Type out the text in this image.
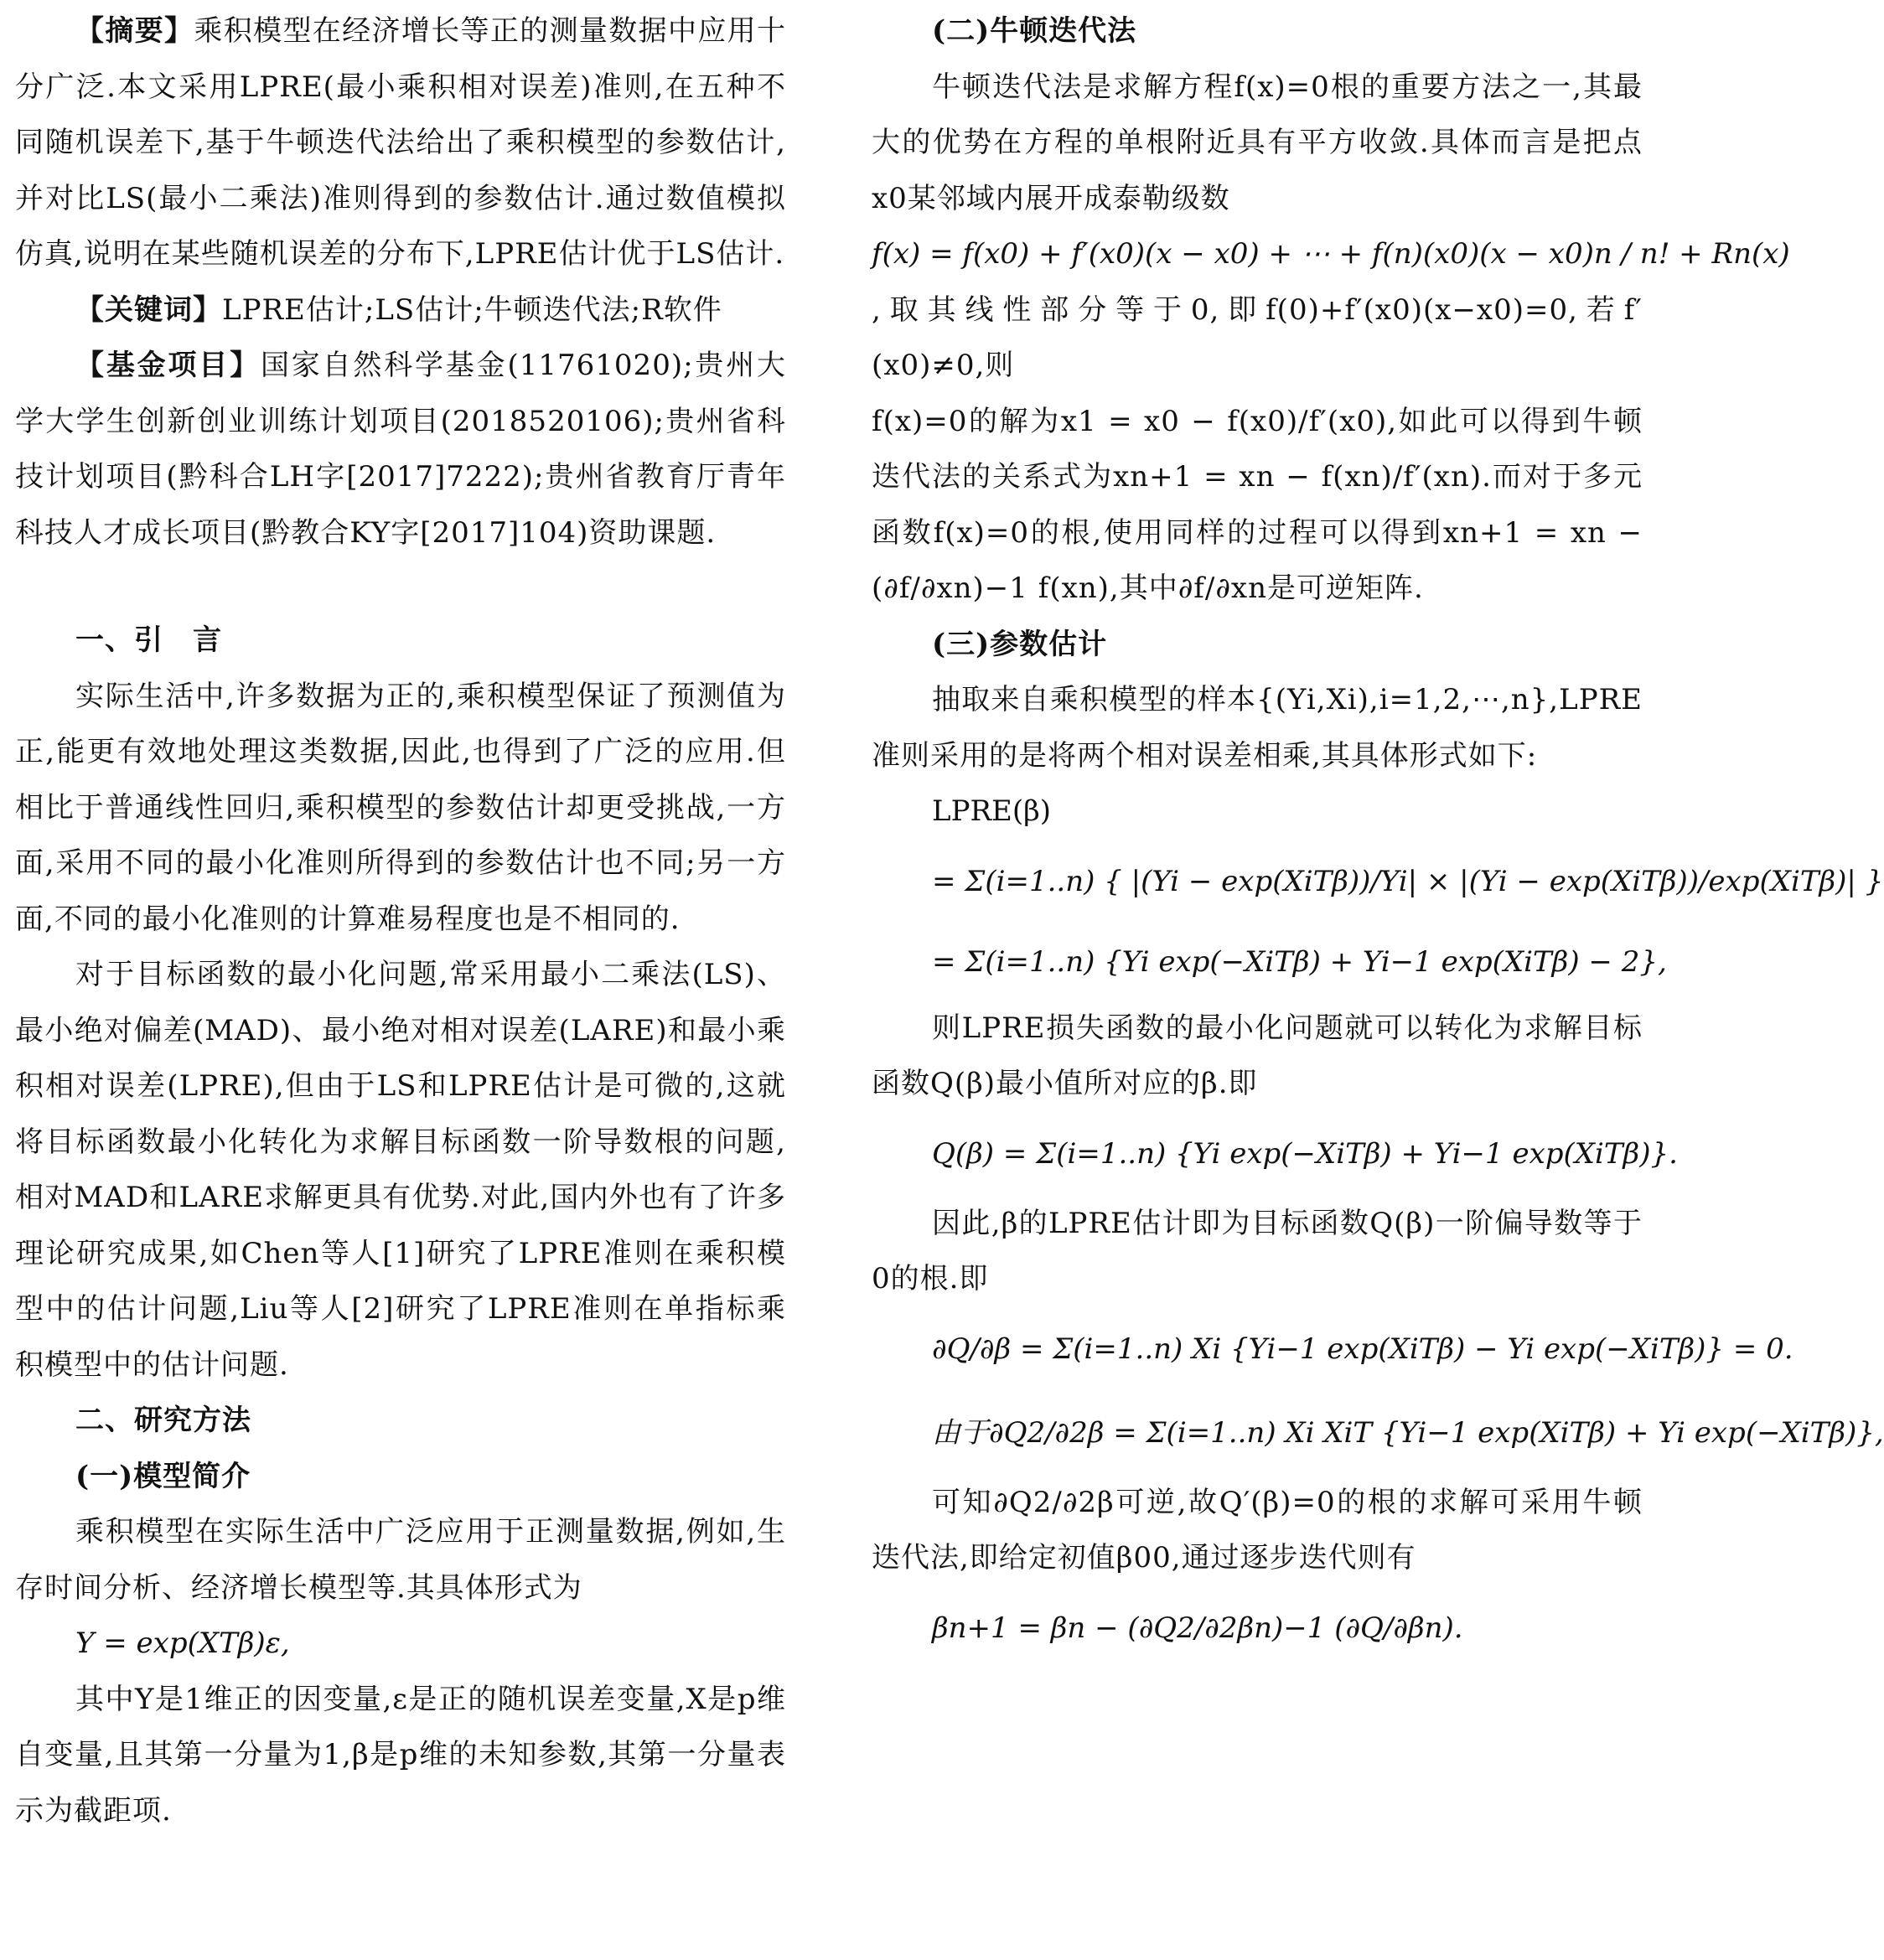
【摘要】乘积模型在经济增长等正的测量数据中应用十分广泛.本文采用LPRE(最小乘积相对误差)准则,在五种不同随机误差下,基于牛顿迭代法给出了乘积模型的参数估计,并对比LS(最小二乘法)准则得到的参数估计.通过数值模拟仿真,说明在某些随机误差的分布下,LPRE估计优于LS估计.

【关键词】LPRE估计;LS估计;牛顿迭代法;R软件

【基金项目】国家自然科学基金(11761020);贵州大学大学生创新创业训练计划项目(2018520106);贵州省科技计划项目(黔科合LH字[2017]7222);贵州省教育厅青年科技人才成长项目(黔教合KY字[2017]104)资助课题.

一、引　言

实际生活中,许多数据为正的,乘积模型保证了预测值为正,能更有效地处理这类数据,因此,也得到了广泛的应用.但相比于普通线性回归,乘积模型的参数估计却更受挑战,一方面,采用不同的最小化准则所得到的参数估计也不同;另一方面,不同的最小化准则的计算难易程度也是不相同的.

对于目标函数的最小化问题,常采用最小二乘法(LS)、最小绝对偏差(MAD)、最小绝对相对误差(LARE)和最小乘积相对误差(LPRE),但由于LS和LPRE估计是可微的,这就将目标函数最小化转化为求解目标函数一阶导数根的问题,相对MAD和LARE求解更具有优势.对此,国内外也有了许多理论研究成果,如Chen等人[1]研究了LPRE准则在乘积模型中的估计问题,Liu等人[2]研究了LPRE准则在单指标乘积模型中的估计问题.

二、研究方法

(一)模型简介

乘积模型在实际生活中广泛应用于正测量数据,例如,生存时间分析、经济增长模型等.其具体形式为

Y = exp(XTβ)ε,

其中Y是1维正的因变量,ε是正的随机误差变量,X是p维自变量,且其第一分量为1,β是p维的未知参数,其第一分量表示为截距项.

(二)牛顿迭代法

牛顿迭代法是求解方程f(x)=0根的重要方法之一,其最大的优势在方程的单根附近具有平方收敛.具体而言是把点x0某邻域内展开成泰勒级数

f(x) = f(x0) + f′(x0)(x − x0) + ⋯ + f(n)(x0)(x − x0)n / n! + Rn(x)

,取其线性部分等于0,即f(0)+f′(x0)(x−x0)=0,若f′(x0)≠0,则

f(x)=0的解为x1 = x0 − f(x0)/f′(x0),如此可以得到牛顿迭代法的关系式为xn+1 = xn − f(xn)/f′(xn).而对于多元函数f(x)=0的根,使用同样的过程可以得到xn+1 = xn − (∂f/∂xn)−1 f(xn),其中∂f/∂xn是可逆矩阵.

(三)参数估计

抽取来自乘积模型的样本{(Yi,Xi),i=1,2,⋯,n},LPRE准则采用的是将两个相对误差相乘,其具体形式如下:

LPRE(β)

= Σ(i=1..n) { |(Yi − exp(XiTβ))/Yi| × |(Yi − exp(XiTβ))/exp(XiTβ)| }

= Σ(i=1..n) {Yi exp(−XiTβ) + Yi−1 exp(XiTβ) − 2},

则LPRE损失函数的最小化问题就可以转化为求解目标函数Q(β)最小值所对应的β.即

Q(β) = Σ(i=1..n) {Yi exp(−XiTβ) + Yi−1 exp(XiTβ)}.

因此,β的LPRE估计即为目标函数Q(β)一阶偏导数等于0的根.即

∂Q/∂β = Σ(i=1..n) Xi {Yi−1 exp(XiTβ) − Yi exp(−XiTβ)} = 0.

由于∂Q2/∂2β = Σ(i=1..n) Xi XiT {Yi−1 exp(XiTβ) + Yi exp(−XiTβ)},

可知∂Q2/∂2β可逆,故Q′(β)=0的根的求解可采用牛顿迭代法,即给定初值β00,通过逐步迭代则有

βn+1 = βn − (∂Q2/∂2βn)−1 (∂Q/∂βn).
